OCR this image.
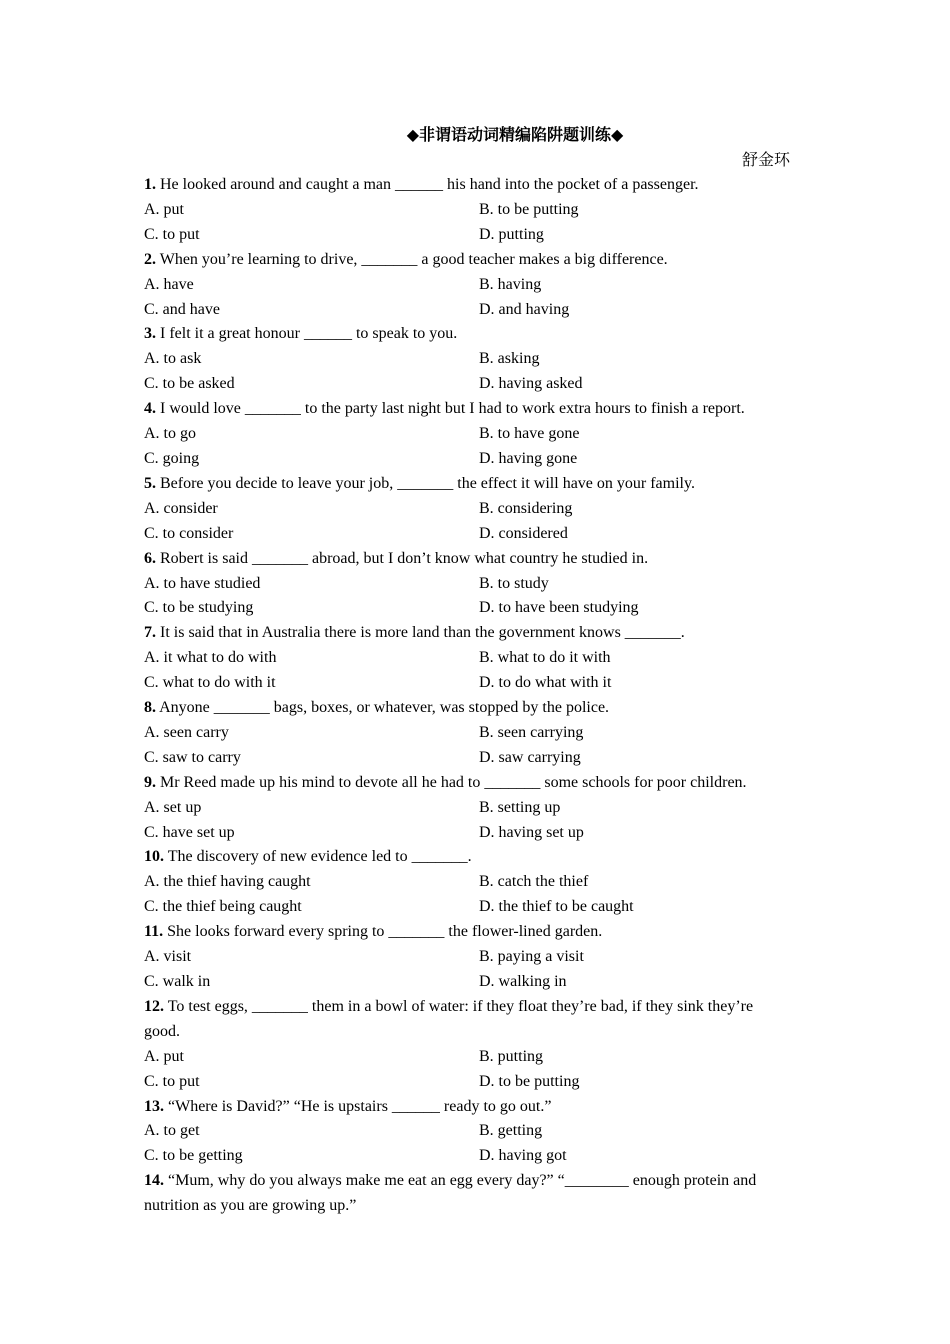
◆非谓语动词精编陷阱题训练◆
舒金环
1. He looked around and caught a man ______ his hand into the pocket of a passenger.
A. put	B. to be putting
C. to put	D. putting
2. When you’re learning to drive, _______ a good teacher makes a big difference.
A. have	B. having
C. and have	D. and having
3. I felt it a great honour ______ to speak to you.
A. to ask	B. asking
C. to be asked	D. having asked
4. I would love _______ to the party last night but I had to work extra hours to finish a report.
A. to go	B. to have gone
C. going	D. having gone
5. Before you decide to leave your job, _______ the effect it will have on your family.
A. consider	B. considering
C. to consider	D. considered
6. Robert is said _______ abroad, but I don’t know what country he studied in.
A. to have studied	B. to study
C. to be studying	D. to have been studying
7. It is said that in Australia there is more land than the government knows _______.
A. it what to do with	B. what to do it with
C. what to do with it	D. to do what with it
8. Anyone _______ bags, boxes, or whatever, was stopped by the police.
A. seen carry	B. seen carrying
C. saw to carry	D. saw carrying
9. Mr Reed made up his mind to devote all he had to _______ some schools for poor children.
A. set up	B. setting up
C. have set up	D. having set up
10. The discovery of new evidence led to _______.
A. the thief having caught	B. catch the thief
C. the thief being caught	D. the thief to be caught
11. She looks forward every spring to _______ the flower-lined garden.
A. visit	B. paying a visit
C. walk in	D. walking in
12. To test eggs, _______ them in a bowl of water: if they float they’re bad, if they sink they’re good.
A. put	B. putting
C. to put	D. to be putting
13. “Where is David?” “He is upstairs ______ ready to go out.”
A. to get	B. getting
C. to be getting	D. having got
14. “Mum, why do you always make me eat an egg every day?” “________ enough protein and nutrition as you are growing up.”
